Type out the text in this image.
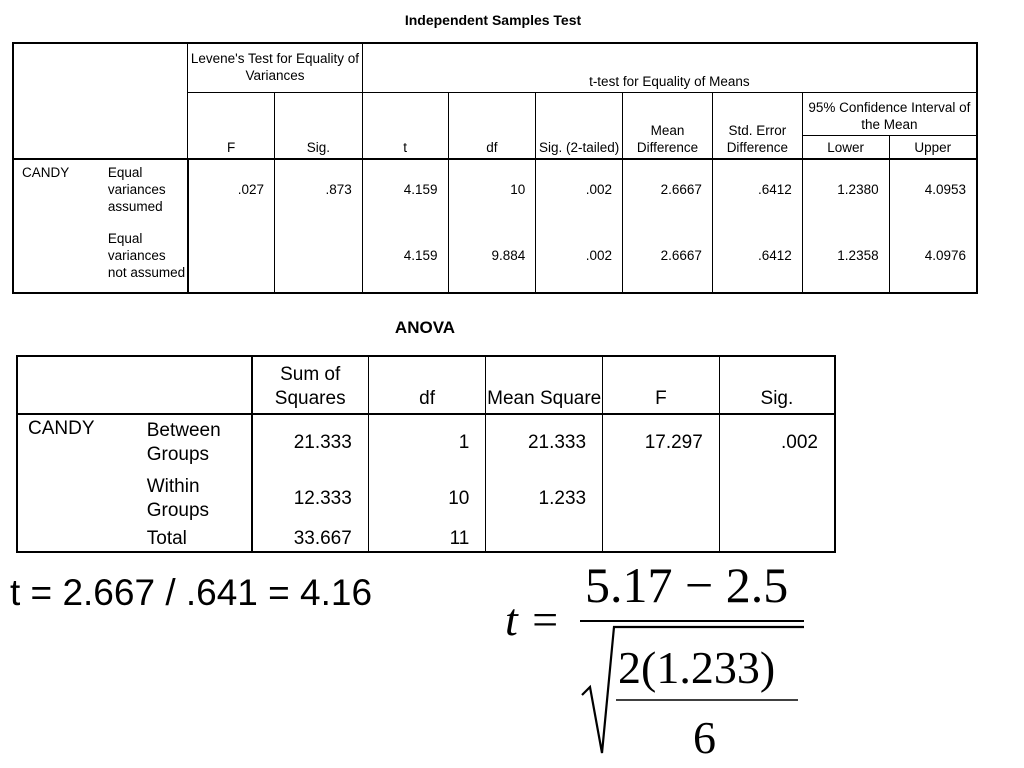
Independent Samples Test
		Levene's Test for Equality of Variances		t-test for Equality of Means						
		F	Sig.	t	df	Sig. (2-tailed)	Mean Difference	Std. Error Difference	95% Confidence Interval of the Mean	
									Lower	Upper
CANDY	Equal variances assumed	.027	.873	4.159	10	.002	2.6667	.6412	1.2380	4.0953
	Equal variances not assumed			4.159	9.884	.002	2.6667	.6412	1.2358	4.0976
ANOVA
		Sum of Squares	df	Mean Square	F	Sig.
CANDY	Between Groups	21.333	1	21.333	17.297	.002
	Within Groups	12.333	10	1.233		
	Total	33.667	11			
t = 2.667 / .641 = 4.16
t =
5.17 − 2.5
2(1.233)
6
